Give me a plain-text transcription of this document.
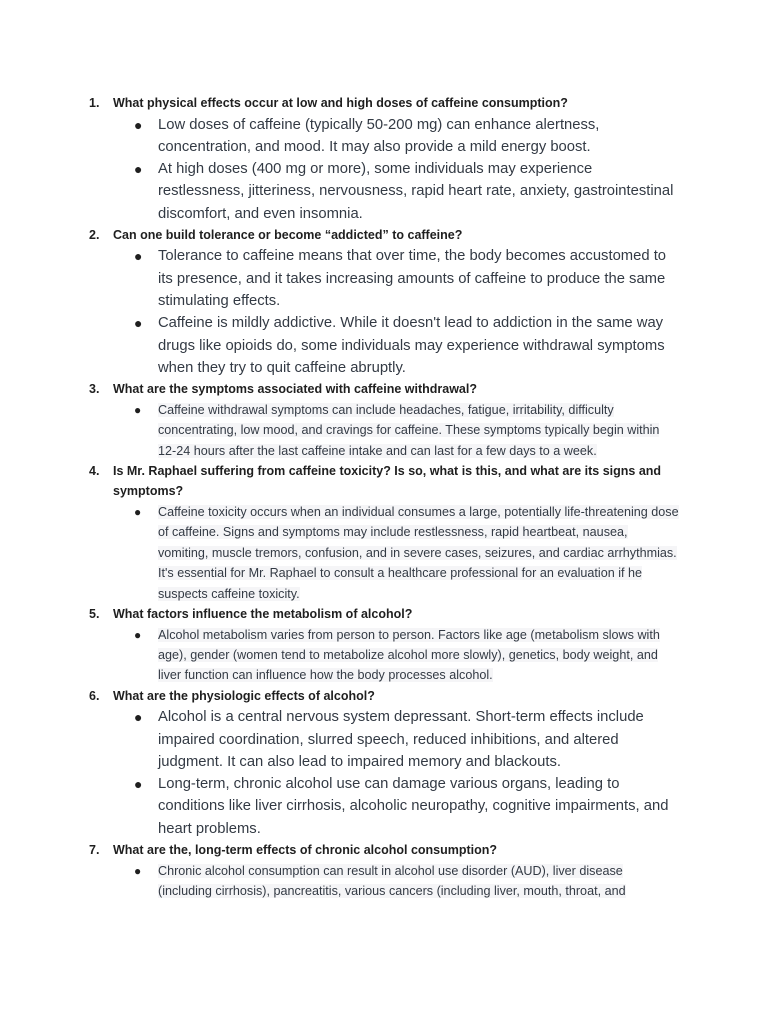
1. What physical effects occur at low and high doses of caffeine consumption?

● Low doses of caffeine (typically 50-200 mg) can enhance alertness, concentration, and mood. It may also provide a mild energy boost.
● At high doses (400 mg or more), some individuals may experience restlessness, jitteriness, nervousness, rapid heart rate, anxiety, gastrointestinal discomfort, and even insomnia.
2. Can one build tolerance or become “addicted” to caffeine?

● Tolerance to caffeine means that over time, the body becomes accustomed to its presence, and it takes increasing amounts of caffeine to produce the same stimulating effects.
● Caffeine is mildly addictive. While it doesn't lead to addiction in the same way drugs like opioids do, some individuals may experience withdrawal symptoms when they try to quit caffeine abruptly.
3. What are the symptoms associated with caffeine withdrawal?

● Caffeine withdrawal symptoms can include headaches, fatigue, irritability, difficulty concentrating, low mood, and cravings for caffeine. These symptoms typically begin within 12-24 hours after the last caffeine intake and can last for a few days to a week.
4. Is Mr. Raphael suffering from caffeine toxicity? Is so, what is this, and what are its signs and symptoms?

● Caffeine toxicity occurs when an individual consumes a large, potentially life-threatening dose of caffeine. Signs and symptoms may include restlessness, rapid heartbeat, nausea, vomiting, muscle tremors, confusion, and in severe cases, seizures, and cardiac arrhythmias. It's essential for Mr. Raphael to consult a healthcare professional for an evaluation if he suspects caffeine toxicity.
5. What factors influence the metabolism of alcohol?

● Alcohol metabolism varies from person to person. Factors like age (metabolism slows with age), gender (women tend to metabolize alcohol more slowly), genetics, body weight, and liver function can influence how the body processes alcohol.
6. What are the physiologic effects of alcohol?

● Alcohol is a central nervous system depressant. Short-term effects include impaired coordination, slurred speech, reduced inhibitions, and altered judgment. It can also lead to impaired memory and blackouts.
● Long-term, chronic alcohol use can damage various organs, leading to conditions like liver cirrhosis, alcoholic neuropathy, cognitive impairments, and heart problems.
7. What are the, long-term effects of chronic alcohol consumption?

● Chronic alcohol consumption can result in alcohol use disorder (AUD), liver disease (including cirrhosis), pancreatitis, various cancers (including liver, mouth, throat, and
